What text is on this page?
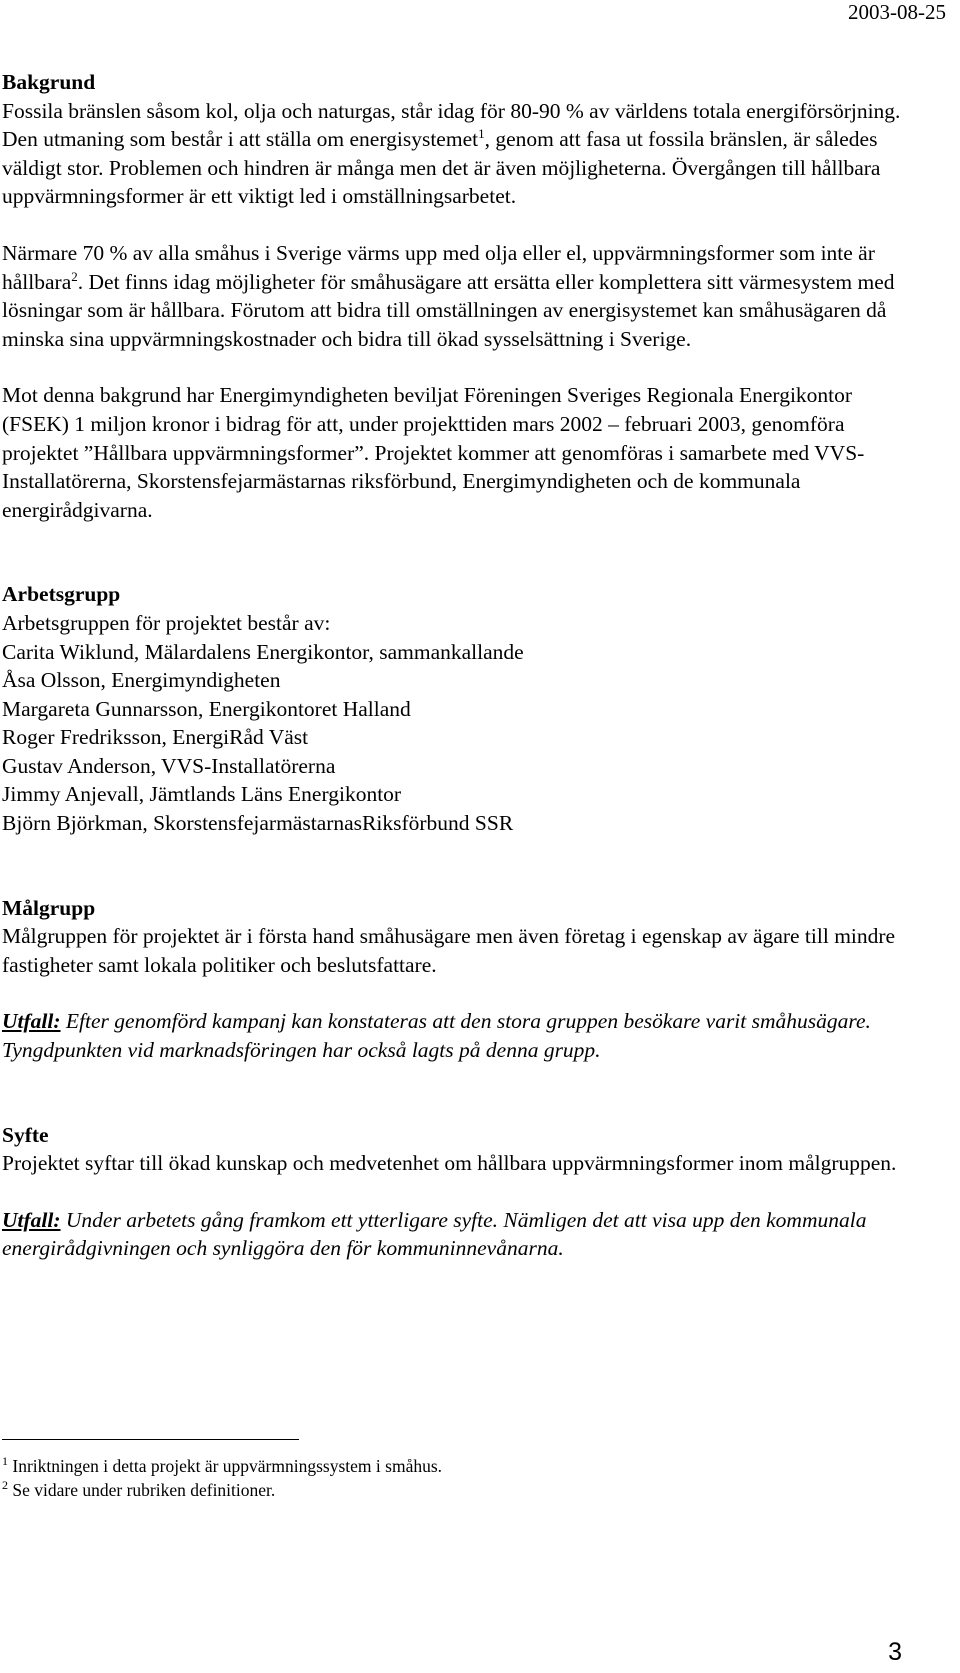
2003-08-25

Bakgrund

Fossila bränslen såsom kol, olja och naturgas, står idag för 80-90 % av världens totala energiförsörjning. Den utmaning som består i att ställa om energisystemet$^1$, genom att fasa ut fossila bränslen, är således väldigt stor. Problemen och hindren är många men det är även möjligheterna. Övergången till hållbara uppvärmningsformer är ett viktigt led i omställningsarbetet.

Närmare 70 % av alla småhus i Sverige värms upp med olja eller el, uppvärmningsformer som inte är hållbara$^2$. Det finns idag möjligheter för småhusägare att ersätta eller komplettera sitt värmesystem med lösningar som är hållbara. Förutom att bidra till omställningen av energisystemet kan småhusägaren då minska sina uppvärmningskostnader och bidra till ökad sysselsättning i Sverige.

Mot denna bakgrund har Energimyndigheten beviljat Föreningen Sveriges Regionala Energikontor (FSEK) 1 miljon kronor i bidrag för att, under projekttiden mars 2002 – februari 2003, genomföra projektet ”Hållbara uppvärmningsformer”. Projektet kommer att genomföras i samarbete med VVS-Installatörerna, Skorstensfejarmästarnas riksförbund, Energimyndigheten och de kommunala energirådgivarna.

Arbetsgrupp

Arbetsgruppen för projektet består av:

Carita Wiklund, Mälardalens Energikontor, sammankallande

Åsa Olsson, Energimyndigheten

Margareta Gunnarsson, Energikontoret Halland

Roger Fredriksson, EnergiRåd Väst

Gustav Anderson, VVS-Installatörerna

Jimmy Anjevall, Jämtlands Läns Energikontor

Björn Björkman, SkorstensfejarmästarnasRiksförbund SSR

Målgrupp

Målgruppen för projektet är i första hand småhusägare men även företag i egenskap av ägare till mindre fastigheter samt lokala politiker och beslutsfattare.

Utfall: Efter genomförd kampanj kan konstateras att den stora gruppen besökare varit småhusägare. Tyngdpunkten vid marknadsföringen har också lagts på denna grupp.

Syfte

Projektet syftar till ökad kunskap och medvetenhet om hållbara uppvärmningsformer inom målgruppen.

Utfall: Under arbetets gång framkom ett ytterligare syfte. Nämligen det att visa upp den kommunala energirådgivningen och synliggöra den för kommuninnevånarna.

$^1$ Inriktningen i detta projekt är uppvärmningssystem i småhus.
$^2$ Se vidare under rubriken definitioner.
3
